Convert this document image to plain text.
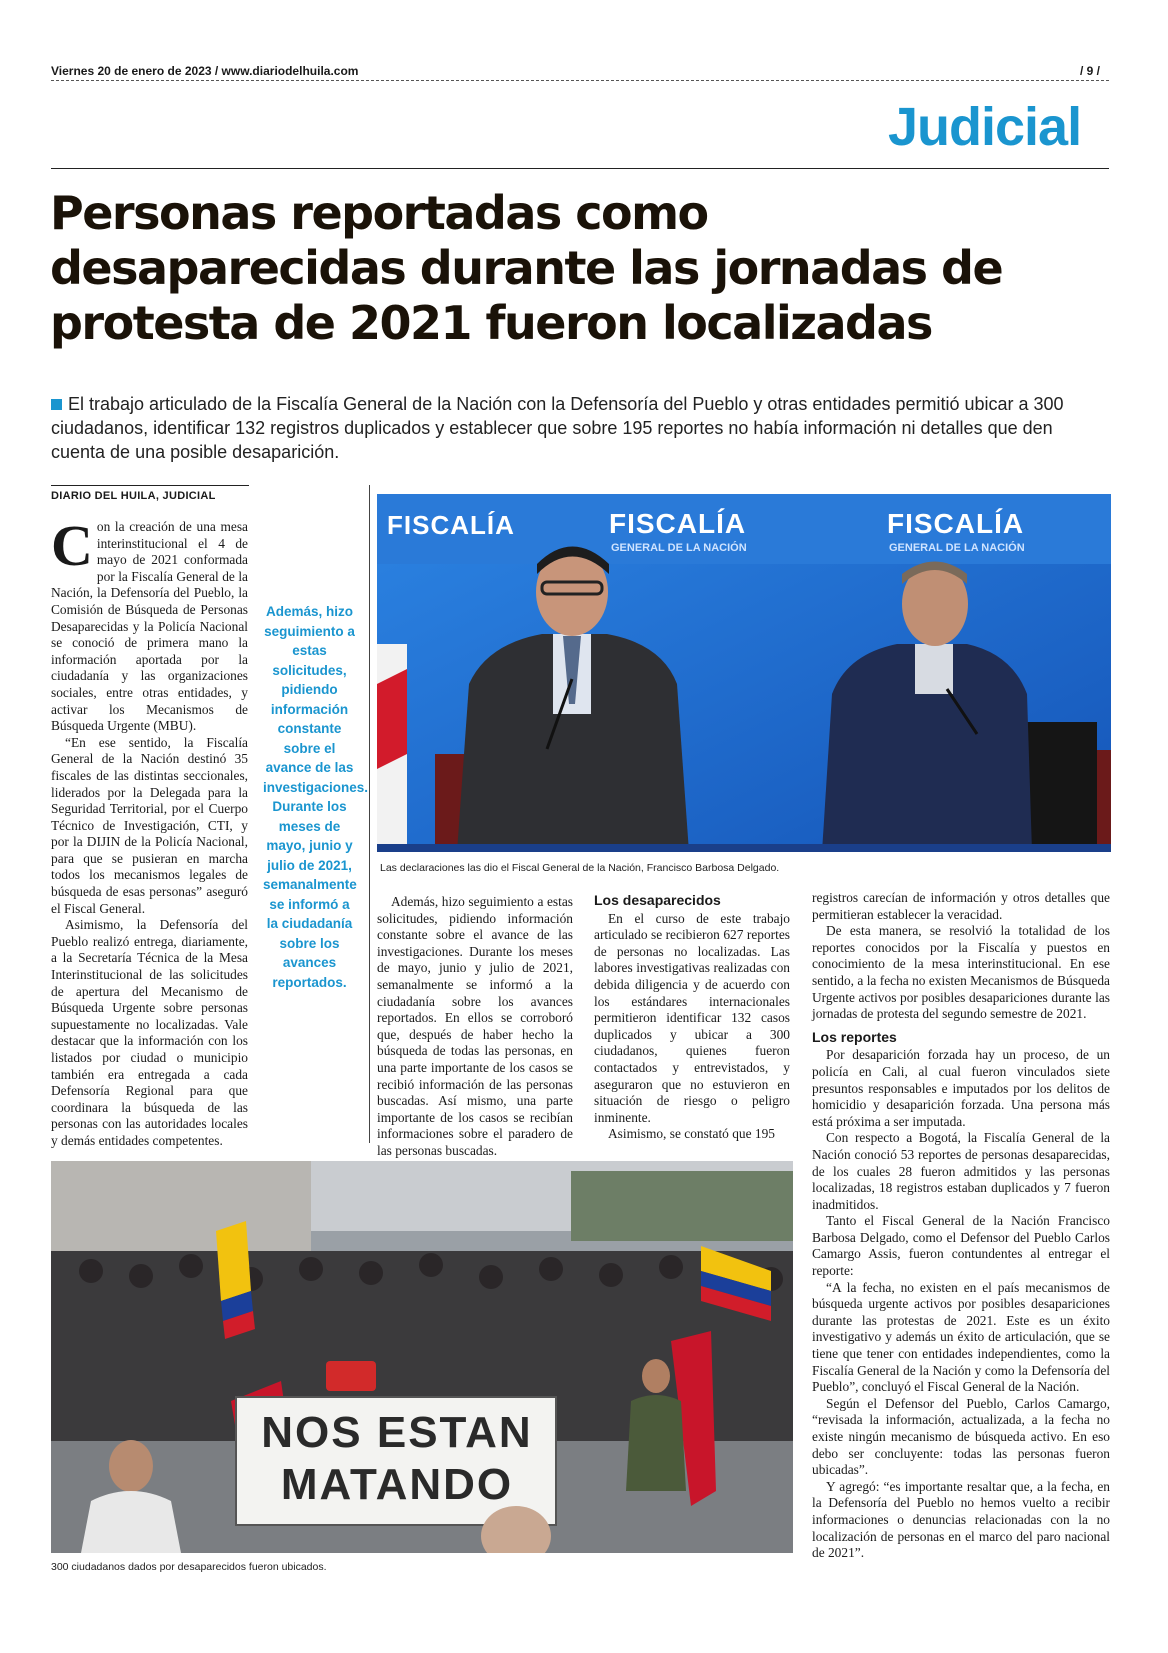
Viernes 20 de enero de 2023 / www.diariodelhuila.com	/ 9 /
Judicial
Personas reportadas como
desaparecidas durante las jornadas de
protesta de 2021 fueron localizadas
El trabajo articulado de la Fiscalía General de la Nación con la Defensoría del Pueblo y otras entidades permitió ubicar a 300 ciudadanos, identificar 132 registros duplicados y establecer que sobre 195 reportes no había información ni detalles que den cuenta de una posible desaparición.
DIARIO DEL HUILA, JUDICIAL
C on la creación de una mesa interinstitucional el 4 de mayo de 2021 conformada por la Fiscalía General de la Nación, la Defensoría del Pueblo, la Comisión de Búsqueda de Personas Desaparecidas y la Policía Nacional se conoció de primera mano la información aportada por la ciudadanía y las organizaciones sociales, entre otras entidades, y activar los Mecanismos de Búsqueda Urgente (MBU).

“En ese sentido, la Fiscalía General de la Nación destinó 35 fiscales de las distintas seccionales, liderados por la Delegada para la Seguridad Territorial, por el Cuerpo Técnico de Investigación, CTI, y por la DIJIN de la Policía Nacional, para que se pusieran en marcha todos los mecanismos legales de búsqueda de esas personas” aseguró el Fiscal General.

Asimismo, la Defensoría del Pueblo realizó entrega, diariamente, a la Secretaría Técnica de la Mesa Interinstitucional de las solicitudes de apertura del Mecanismo de Búsqueda Urgente sobre personas supuestamente no localizadas. Vale destacar que la información con los listados por ciudad o municipio también era entregada a cada Defensoría Regional para que coordinara la búsqueda de las personas con las autoridades locales y demás entidades competentes.

Además, hizo seguimiento a estas solicitudes, pidiendo información constante sobre el avance de las investigaciones. Durante los meses de mayo, junio y julio de 2021, semanalmente se informó a la ciudadanía sobre los avances reportados.
FISCALÍA	FISCALÍA
GENERAL DE LA NACIÓN
FISCALÍA
GENERAL DE LA NACIÓN
Las declaraciones las dio el Fiscal General de la Nación, Francisco Barbosa Delgado.

Además, hizo seguimiento a estas solicitudes, pidiendo información constante sobre el avance de las investigaciones. Durante los meses de mayo, junio y julio de 2021, semanalmente se informó a la ciudadanía sobre los avances reportados. En ellos se corroboró que, después de haber hecho la búsqueda de todas las personas, en una parte importante de los casos se recibió información de las personas buscadas. Así mismo, una parte importante de los casos se recibían informaciones sobre el paradero de las personas buscadas.

Los desaparecidos

En el curso de este trabajo articulado se recibieron 627 reportes de personas no localizadas. Las labores investigativas realizadas con debida diligencia y de acuerdo con los estándares internacionales permitieron identificar 132 casos duplicados y ubicar a 300 ciudadanos, quienes fueron contactados y entrevistados, y aseguraron que no estuvieron en situación de riesgo o peligro inminente.

Asimismo, se constató que 195

registros carecían de información y otros detalles que permitieran establecer la veracidad.

De esta manera, se resolvió la totalidad de los reportes conocidos por la Fiscalía y puestos en conocimiento de la mesa interinstitucional. En ese sentido, a la fecha no existen Mecanismos de Búsqueda Urgente activos por posibles desapariciones durante las jornadas de protesta del segundo semestre de 2021.

Los reportes

Por desaparición forzada hay un proceso, de un policía en Cali, al cual fueron vinculados siete presuntos responsables e imputados por los delitos de homicidio y desaparición forzada. Una persona más está próxima a ser imputada.

Con respecto a Bogotá, la Fiscalía General de la Nación conoció 53 reportes de personas desaparecidas, de los cuales 28 fueron admitidos y las personas localizadas, 18 registros estaban duplicados y 7 fueron inadmitidos.

Tanto el Fiscal General de la Nación Francisco Barbosa Delgado, como el Defensor del Pueblo Carlos Camargo Assis, fueron contundentes al entregar el reporte:

“A la fecha, no existen en el país mecanismos de búsqueda urgente activos por posibles desapariciones durante las protestas de 2021. Este es un éxito investigativo y además un éxito de articulación, que se tiene que tener con entidades independientes, como la Fiscalía General de la Nación y como la Defensoría del Pueblo”, concluyó el Fiscal General de la Nación.

Según el Defensor del Pueblo, Carlos Camargo, “revisada la información, actualizada, a la fecha no existe ningún mecanismo de búsqueda activo. En eso debo ser concluyente: todas las personas fueron ubicadas”.

Y agregó: “es importante resaltar que, a la fecha, en la Defensoría del Pueblo no hemos vuelto a recibir informaciones o denuncias relacionadas con la no localización de personas en el marco del paro nacional de 2021”.

NOS ESTAN
MATANDO
300 ciudadanos dados por desaparecidos fueron ubicados.
